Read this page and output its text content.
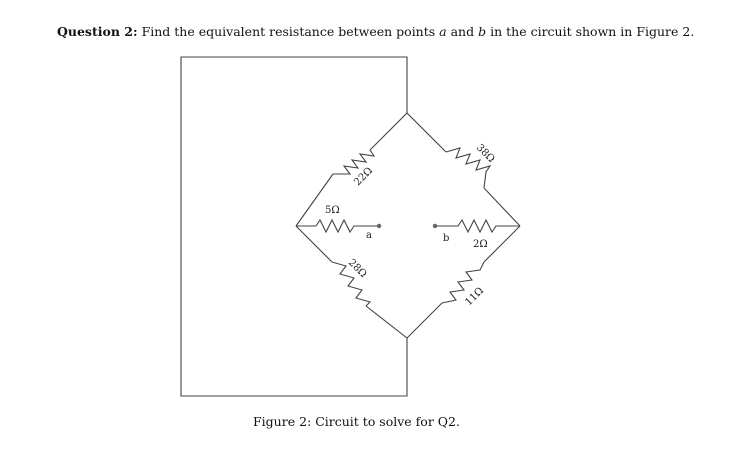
Question 2: Find the equivalent resistance between points a and b in the circuit shown in Figure 2.
22Ω
38Ω
5Ω
2Ω
28Ω
11Ω
a	b
Figure 2: Circuit to solve for Q2.
